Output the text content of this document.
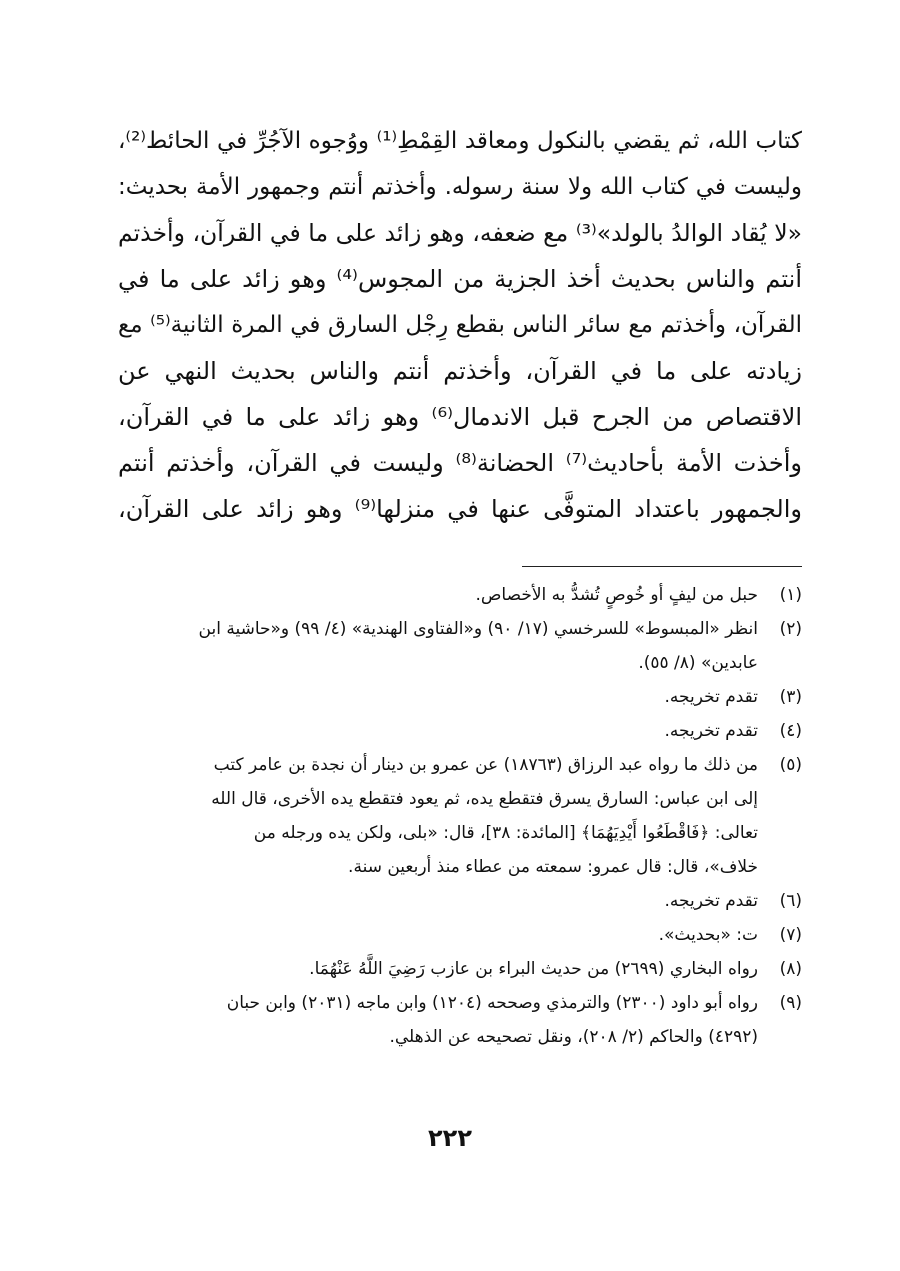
كتاب الله، ثم يقضي بالنكول ومعاقد القِمْطِ⁽¹⁾ ووُجوه الآجُرِّ في الحائط⁽²⁾،
وليست في كتاب الله ولا سنة رسوله. وأخذتم أنتم وجمهور الأمة بحديث:
«لا يُقاد الوالدُ بالولد»⁽³⁾ مع ضعفه، وهو زائد على ما في القرآن، وأخذتم
أنتم والناس بحديث أخذ الجزية من المجوس⁽⁴⁾ وهو زائد على ما في
القرآن، وأخذتم مع سائر الناس بقطع رِجْل السارق في المرة الثانية⁽⁵⁾ مع
زيادته على ما في القرآن، وأخذتم أنتم والناس بحديث النهي عن
الاقتصاص من الجرح قبل الاندمال⁽⁶⁾ وهو زائد على ما في القرآن،
وأخذت الأمة بأحاديث⁽⁷⁾ الحضانة⁽⁸⁾ وليست في القرآن، وأخذتم أنتم
والجمهور باعتداد المتوفَّى عنها في منزلها⁽⁹⁾ وهو زائد على القرآن،
(١)
حبل من ليفٍ أو خُوصٍ تُشدُّ به الأخصاص.
(٢)
انظر «المبسوط» للسرخسي (١٧/ ٩٠) و«الفتاوى الهندية» (٤/ ٩٩) و«حاشية ابن
عابدين» (٨/ ٥٥).
(٣)
تقدم تخريجه.
(٤)
تقدم تخريجه.
(٥)
من ذلك ما رواه عبد الرزاق (١٨٧٦٣) عن عمرو بن دينار أن نجدة بن عامر كتب
إلى ابن عباس: السارق يسرق فتقطع يده، ثم يعود فتقطع يده الأخرى، قال الله
تعالى: ﴿فَاقْطَعُوا أَيْدِيَهُمَا﴾ [المائدة: ٣٨]، قال: «بلى، ولكن يده ورجله من
خلاف»، قال: قال عمرو: سمعته من عطاء منذ أربعين سنة.
(٦)
تقدم تخريجه.
(٧)
ت: «بحديث».
(٨)
رواه البخاري (٢٦٩٩) من حديث البراء بن عازب رَضِيَ اللَّهُ عَنْهُمَا.
(٩)
رواه أبو داود (٢٣٠٠) والترمذي وصححه (١٢٠٤) وابن ماجه (٢٠٣١) وابن حبان
(٤٢٩٢) والحاكم (٢/ ٢٠٨)، ونقل تصحيحه عن الذهلي.
٢٢٢
